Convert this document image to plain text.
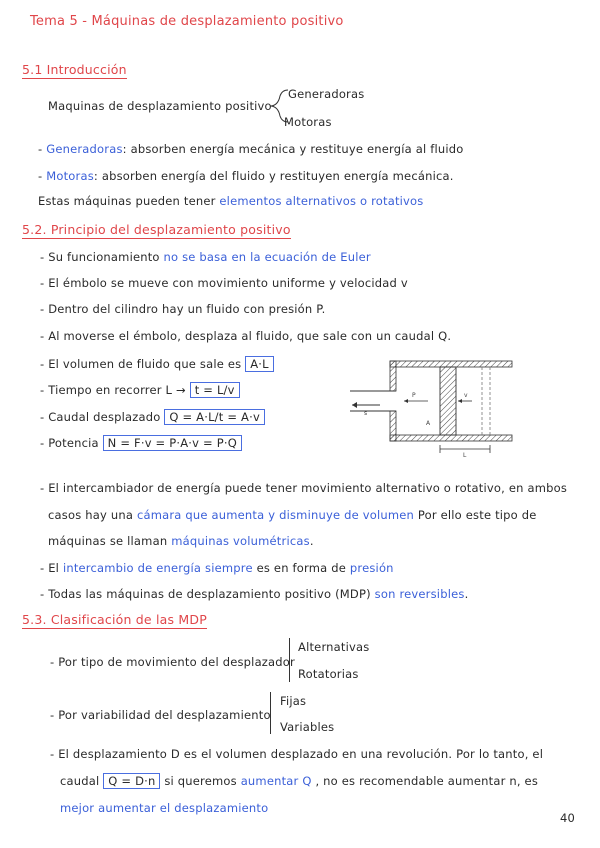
Tema 5 - Máquinas de desplazamiento positivo
5.1 Introducción
Maquinas de desplazamiento positivo
Generadoras
Motoras
- Generadoras: absorben energía mecánica y restituye energía al fluido
- Motoras: absorben energía del fluido y restituyen energía mecánica.
Estas máquinas pueden tener elementos alternativos o rotativos
5.2. Principio del desplazamiento positivo
- Su funcionamiento no se basa en la ecuación de Euler
- El émbolo se mueve con movimiento uniforme y velocidad v
- Dentro del cilindro hay un fluido con presión P.
- Al moverse el émbolo, desplaza al fluido, que sale con un caudal Q.
- El volumen de fluido que sale es A·L
- Tiempo en recorrer L → t = L/v
- Caudal desplazado Q = A·L/t = A·v
- Potencia N = F·v = P·A·v = P·Q
s
P	v
A
L
- El intercambiador de energía puede tener movimiento alternativo o rotativo, en ambos
casos hay una cámara que aumenta y disminuye de volumen Por ello este tipo de
máquinas se llaman máquinas volumétricas.
- El intercambio de energía siempre es en forma de presión
- Todas las máquinas de desplazamiento positivo (MDP) son reversibles.
5.3. Clasificación de las MDP
- Por tipo de movimiento del desplazador
Alternativas
Rotatorias
- Por variabilidad del desplazamiento
Fijas
Variables
- El desplazamiento D es el volumen desplazado en una revolución. Por lo tanto, el
caudal Q = D·n si queremos aumentar Q , no es recomendable aumentar n, es
mejor aumentar el desplazamiento
40
